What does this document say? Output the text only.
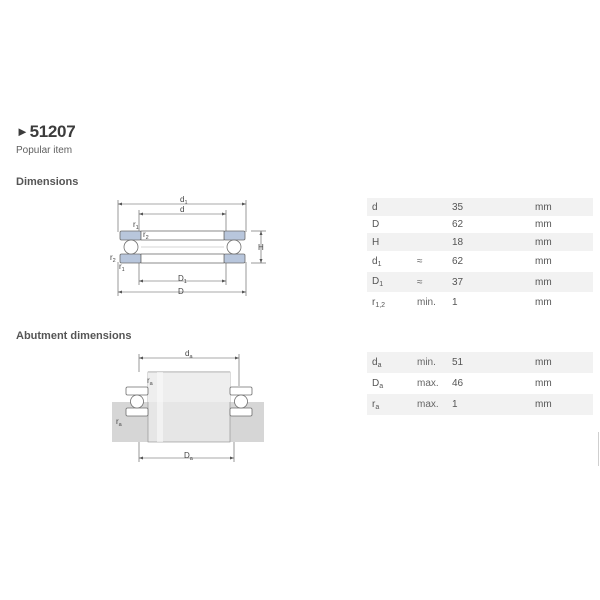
►51207
Popular item
Dimensions
$d_1$
d
$r_1$
$r_2$
$r_2$
$r_1$
H
$D_1$
D
d		35	mm
D		62	mm
H		18	mm
$d_1$	≈	62	mm
$D_1$	≈	37	mm
$r_{1,2}$	min.	1	mm
Abutment dimensions
$d_a$
$r_a$
$r_a$
$D_a$
$d_a$	min.	51	mm
$D_a$	max.	46	mm
$r_a$	max.	1	mm
